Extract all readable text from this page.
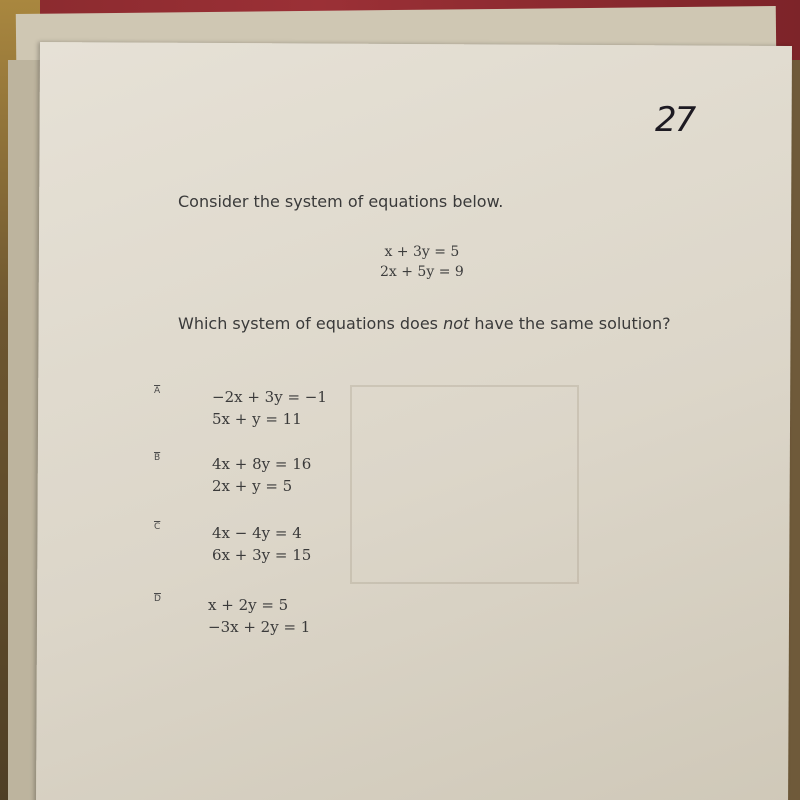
27
Consider the system of equations below.
x + 3y = 5
2x + 5y = 9
Which system of equations does not have the same solution?
$\overline{A}$	−2x + 3y = −1
5x + y = 11
$\overline{B}$	4x + 8y = 16
2x + y = 5
$\overline{C}$	4x − 4y = 4
6x + 3y = 15
$\overline{D}$	x + 2y = 5
−3x + 2y = 1
